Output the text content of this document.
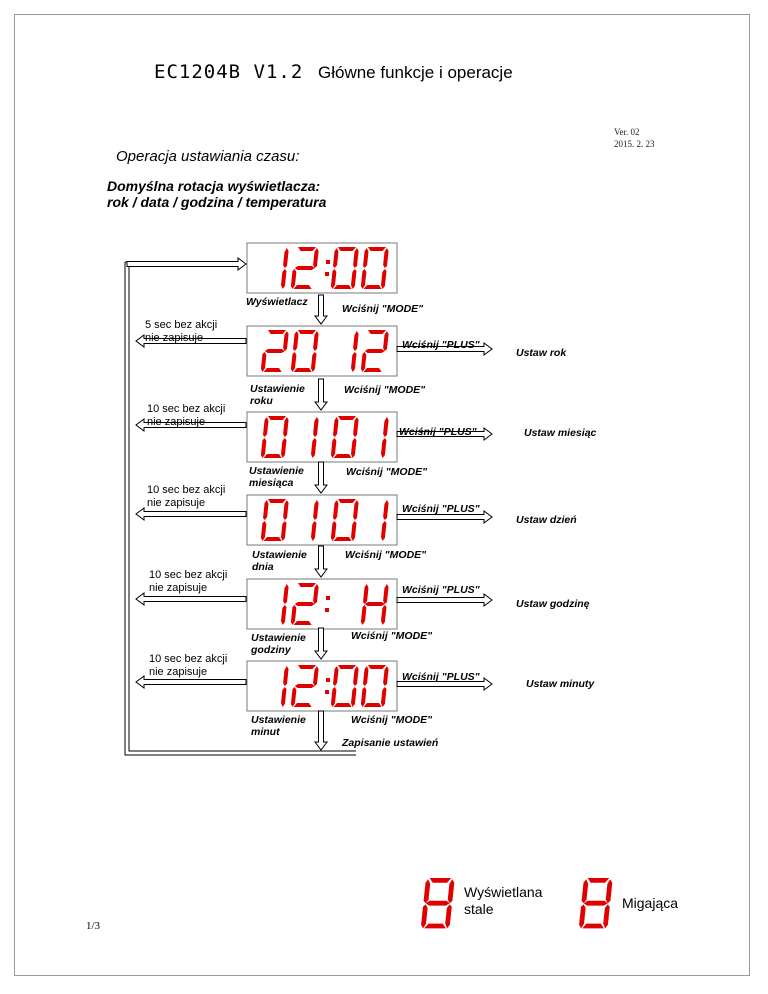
EC1204B V1.2 Główne funkcje i operacje
Ver. 02
2015. 2. 23
Operacja ustawiania czasu:
Domyślna rotacja wyświetlacza:
rok / data / godzina / temperatura
Wyświetlacz
Wciśnij "MODE"
5 sec bez akcji
nie zapisuje
Wciśnij "PLUS"
Ustaw rok
Ustawienie
roku
Wciśnij "MODE"
10 sec bez akcji
nie zapisuje
Wciśnij "PLUS"	Ustaw miesiąc
Ustawienie
miesiąca
Wciśnij "MODE"
10 sec bez akcji
nie zapisuje	Wciśnij "PLUS"
Ustaw dzień
Ustawienie
dnia
Wciśnij "MODE"
10 sec bez akcji
nie zapisuje	Wciśnij "PLUS"
Ustaw godzinę
Ustawienie
godziny
Wciśnij "MODE"
10 sec bez akcji
nie zapisuje	Wciśnij "PLUS"
Ustaw minuty
Ustawienie
minut
Wciśnij "MODE"
Zapisanie ustawień
Wyświetlana
stale	Migająca
1/3
